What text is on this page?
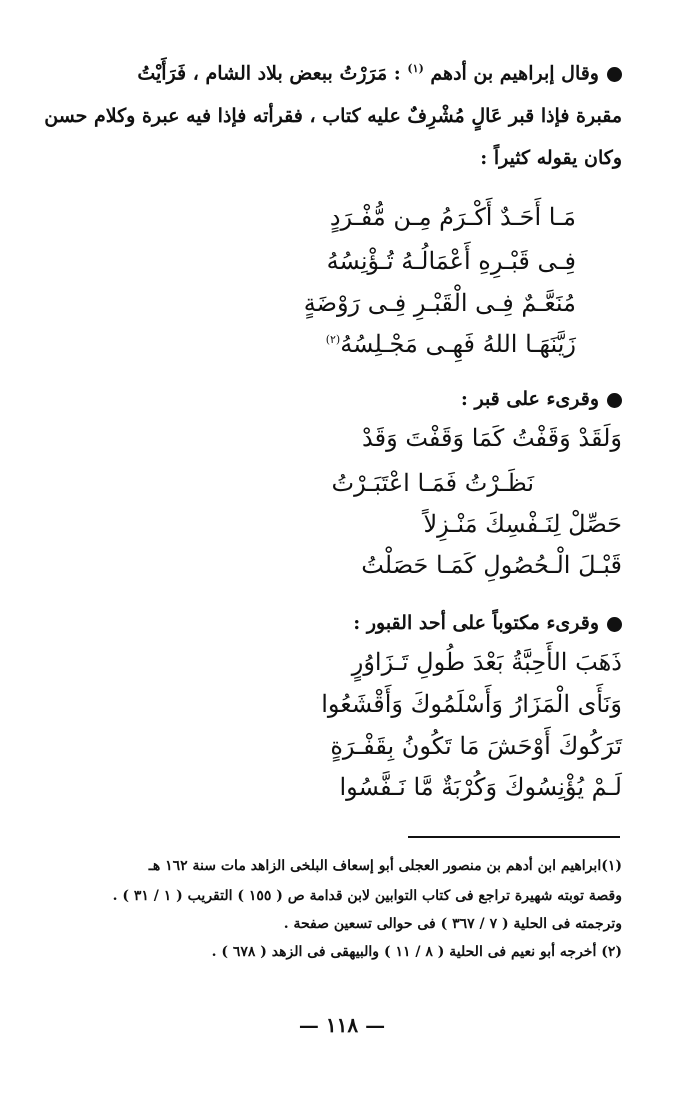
وقال إبراهيم بن أدهم $^{(١)}$ : مَرَرْتُ ببعض بلاد الشام ، فَرَأَيْتُ
مقبرة فإذا قبر عَالٍ مُشْرِفٌ عليه كتاب ، فقرأته فإذا فيه عبرة وكلام حسن
وكان يقوله كثيراً :
مَـا أَحَـدٌ أَكْـرَمُ مِـن مُّفْـرَدٍ
فِـى قَبْـرِهِ أَعْمَالُـهُ تُـؤْنِسُهُ
مُنَعَّـمٌ فِـى الْقَبْـرِ فِـى رَوْضَةٍ
زَيَّنَهَـا اللهُ فَهِـى مَجْـلِسُهُ$^{(٢)}$
وقرىء على قبر :
وَلَقَدْ وَقَفْتُ كَمَا وَقَفْتَ وَقَدْ
نَظَـرْتُ فَمَـا اعْتَبَـرْتُ
حَصِّلْ لِنَـفْسِكَ مَنْـزِلاً
قَبْـلَ الْـحُصُولِ كَمَـا حَصَلْتُ
وقرىء مكتوباً على أحد القبور :
ذَهَبَ الأَحِبَّةُ بَعْدَ طُولِ تَـزَاوُرٍ
وَنَأَى الْمَزَارُ وَأَسْلَمُوكَ وَأَقْشَعُوا
تَرَكُوكَ أَوْحَشَ مَا تَكُونُ بِقَفْـرَةٍ
لَـمْ يُؤْنِسُوكَ وَكُرْبَةٌ مَّا نَـفَّسُوا
(١)ابراهيم ابن أدهم بن منصور العجلى أبو إسعاف البلخى الزاهد مات سنة ١٦٢ هـ
وقصة توبته شهيرة تراجع فى كتاب التوابين لابن قدامة ص ( ١٥٥ ) التقريب ( ١ / ٣١ ) .
وترجمته فى الحلية ( ٧ / ٣٦٧ ) فى حوالى تسعين صفحة .
(٢) أخرجه أبو نعيم فى الحلية ( ٨ / ١١ ) والبيهقى فى الزهد ( ٦٧٨ ) .
— ١١٨ —
